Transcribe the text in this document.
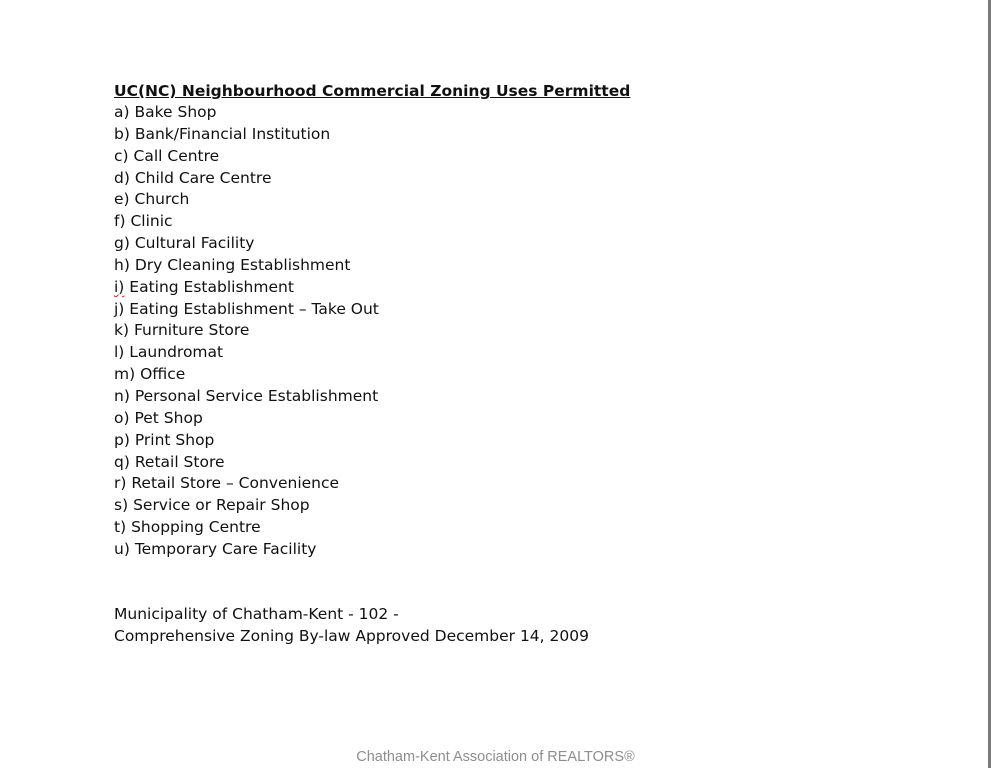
UC(NC) Neighbourhood Commercial Zoning Uses Permitted
a) Bake Shop
b) Bank/Financial Institution
c) Call Centre
d) Child Care Centre
e) Church
f) Clinic
g) Cultural Facility
h) Dry Cleaning Establishment
i) Eating Establishment
j) Eating Establishment – Take Out
k) Furniture Store
l) Laundromat
m) Office
n) Personal Service Establishment
o) Pet Shop
p) Print Shop
q) Retail Store
r) Retail Store – Convenience
s) Service or Repair Shop
t) Shopping Centre
u) Temporary Care Facility
Municipality of Chatham-Kent - 102 -
Comprehensive Zoning By-law Approved December 14, 2009
Chatham-Kent Association of REALTORS®
